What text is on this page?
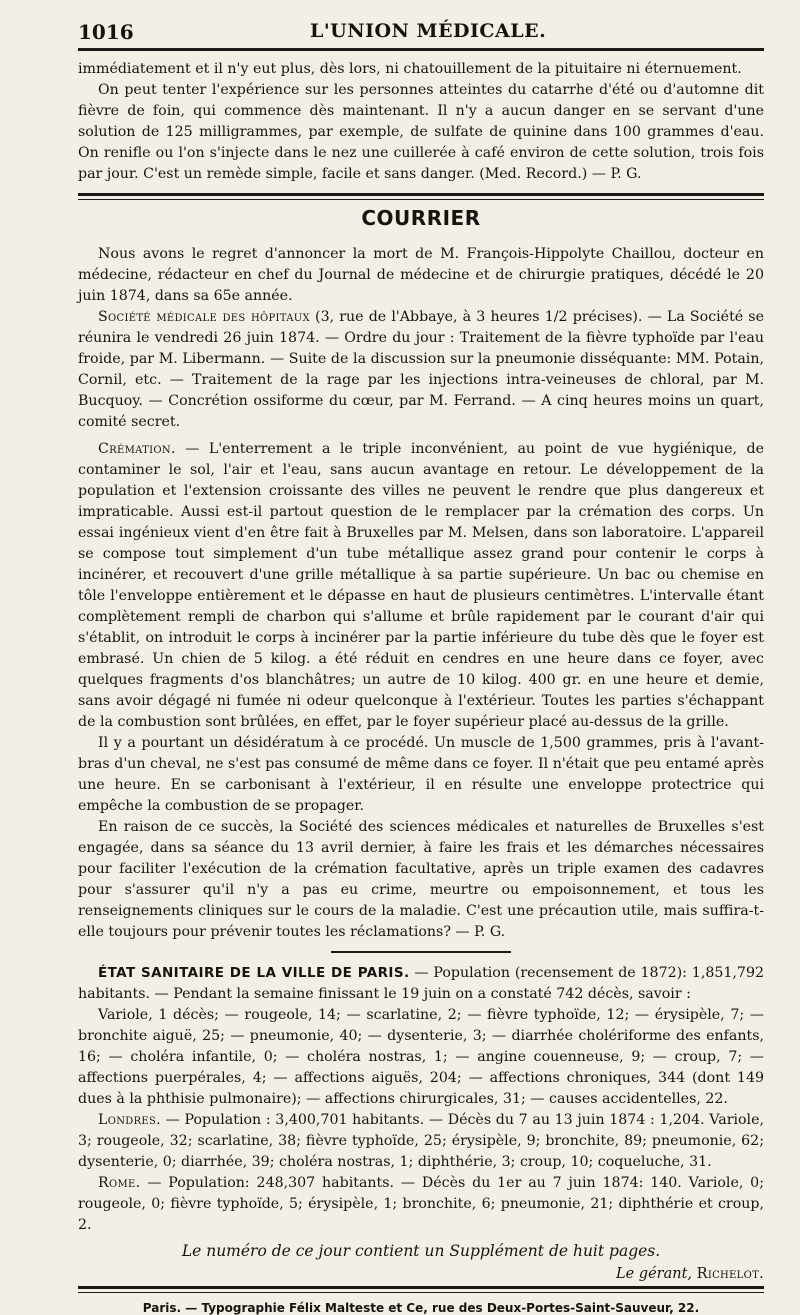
1016	L'UNION MÉDICALE.

immédiatement et il n'y eut plus, dès lors, ni chatouillement de la pituitaire ni éternuement.

On peut tenter l'expérience sur les personnes atteintes du catarrhe d'été ou d'automne dit fièvre de foin, qui commence dès maintenant. Il n'y a aucun danger en se servant d'une solution de 125 milligrammes, par exemple, de sulfate de quinine dans 100 grammes d'eau. On renifle ou l'on s'injecte dans le nez une cuillerée à café environ de cette solution, trois fois par jour. C'est un remède simple, facile et sans danger. (Med. Record.) — P. G.

COURRIER

Nous avons le regret d'annoncer la mort de M. François-Hippolyte Chaillou, docteur en médecine, rédacteur en chef du Journal de médecine et de chirurgie pratiques, décédé le 20 juin 1874, dans sa 65e année.

Société médicale des hôpitaux (3, rue de l'Abbaye, à 3 heures 1/2 précises). — La Société se réunira le vendredi 26 juin 1874. — Ordre du jour : Traitement de la fièvre typhoïde par l'eau froide, par M. Libermann. — Suite de la discussion sur la pneumonie disséquante: MM. Potain, Cornil, etc. — Traitement de la rage par les injections intra-veineuses de chloral, par M. Bucquoy. — Concrétion ossiforme du cœur, par M. Ferrand. — A cinq heures moins un quart, comité secret.

Crémation. — L'enterrement a le triple inconvénient, au point de vue hygiénique, de contaminer le sol, l'air et l'eau, sans aucun avantage en retour. Le développement de la population et l'extension croissante des villes ne peuvent le rendre que plus dangereux et impraticable. Aussi est-il partout question de le remplacer par la crémation des corps. Un essai ingénieux vient d'en être fait à Bruxelles par M. Melsen, dans son laboratoire. L'appareil se compose tout simplement d'un tube métallique assez grand pour contenir le corps à incinérer, et recouvert d'une grille métallique à sa partie supérieure. Un bac ou chemise en tôle l'enveloppe entièrement et le dépasse en haut de plusieurs centimètres. L'intervalle étant complètement rempli de charbon qui s'allume et brûle rapidement par le courant d'air qui s'établit, on introduit le corps à incinérer par la partie inférieure du tube dès que le foyer est embrasé. Un chien de 5 kilog. a été réduit en cendres en une heure dans ce foyer, avec quelques fragments d'os blanchâtres; un autre de 10 kilog. 400 gr. en une heure et demie, sans avoir dégagé ni fumée ni odeur quelconque à l'extérieur. Toutes les parties s'échappant de la combustion sont brûlées, en effet, par le foyer supérieur placé au-dessus de la grille.

Il y a pourtant un désidératum à ce procédé. Un muscle de 1,500 grammes, pris à l'avant-bras d'un cheval, ne s'est pas consumé de même dans ce foyer. Il n'était que peu entamé après une heure. En se carbonisant à l'extérieur, il en résulte une enveloppe protectrice qui empêche la combustion de se propager.

En raison de ce succès, la Société des sciences médicales et naturelles de Bruxelles s'est engagée, dans sa séance du 13 avril dernier, à faire les frais et les démarches nécessaires pour faciliter l'exécution de la crémation facultative, après un triple examen des cadavres pour s'assurer qu'il n'y a pas eu crime, meurtre ou empoisonnement, et tous les renseignements cliniques sur le cours de la maladie. C'est une précaution utile, mais suffira-t-elle toujours pour prévenir toutes les réclamations? — P. G.

ÉTAT SANITAIRE DE LA VILLE DE PARIS. — Population (recensement de 1872): 1,851,792 habitants. — Pendant la semaine finissant le 19 juin on a constaté 742 décès, savoir :

Variole, 1 décès; — rougeole, 14; — scarlatine, 2; — fièvre typhoïde, 12; — érysipèle, 7; — bronchite aiguë, 25; — pneumonie, 40; — dysenterie, 3; — diarrhée cholériforme des enfants, 16; — choléra infantile, 0; — choléra nostras, 1; — angine couenneuse, 9; — croup, 7; — affections puerpérales, 4; — affections aiguës, 204; — affections chroniques, 344 (dont 149 dues à la phthisie pulmonaire); — affections chirurgicales, 31; — causes accidentelles, 22.

Londres. — Population : 3,400,701 habitants. — Décès du 7 au 13 juin 1874 : 1,204. Variole, 3; rougeole, 32; scarlatine, 38; fièvre typhoïde, 25; érysipèle, 9; bronchite, 89; pneumonie, 62; dysenterie, 0; diarrhée, 39; choléra nostras, 1; diphthérie, 3; croup, 10; coqueluche, 31.

Rome. — Population: 248,307 habitants. — Décès du 1er au 7 juin 1874: 140. Variole, 0; rougeole, 0; fièvre typhoïde, 5; érysipèle, 1; bronchite, 6; pneumonie, 21; diphthérie et croup, 2.

Le numéro de ce jour contient un Supplément de huit pages.
Le gérant, Richelot.
Paris. — Typographie Félix Malteste et Ce, rue des Deux-Portes-Saint-Sauveur, 22.
